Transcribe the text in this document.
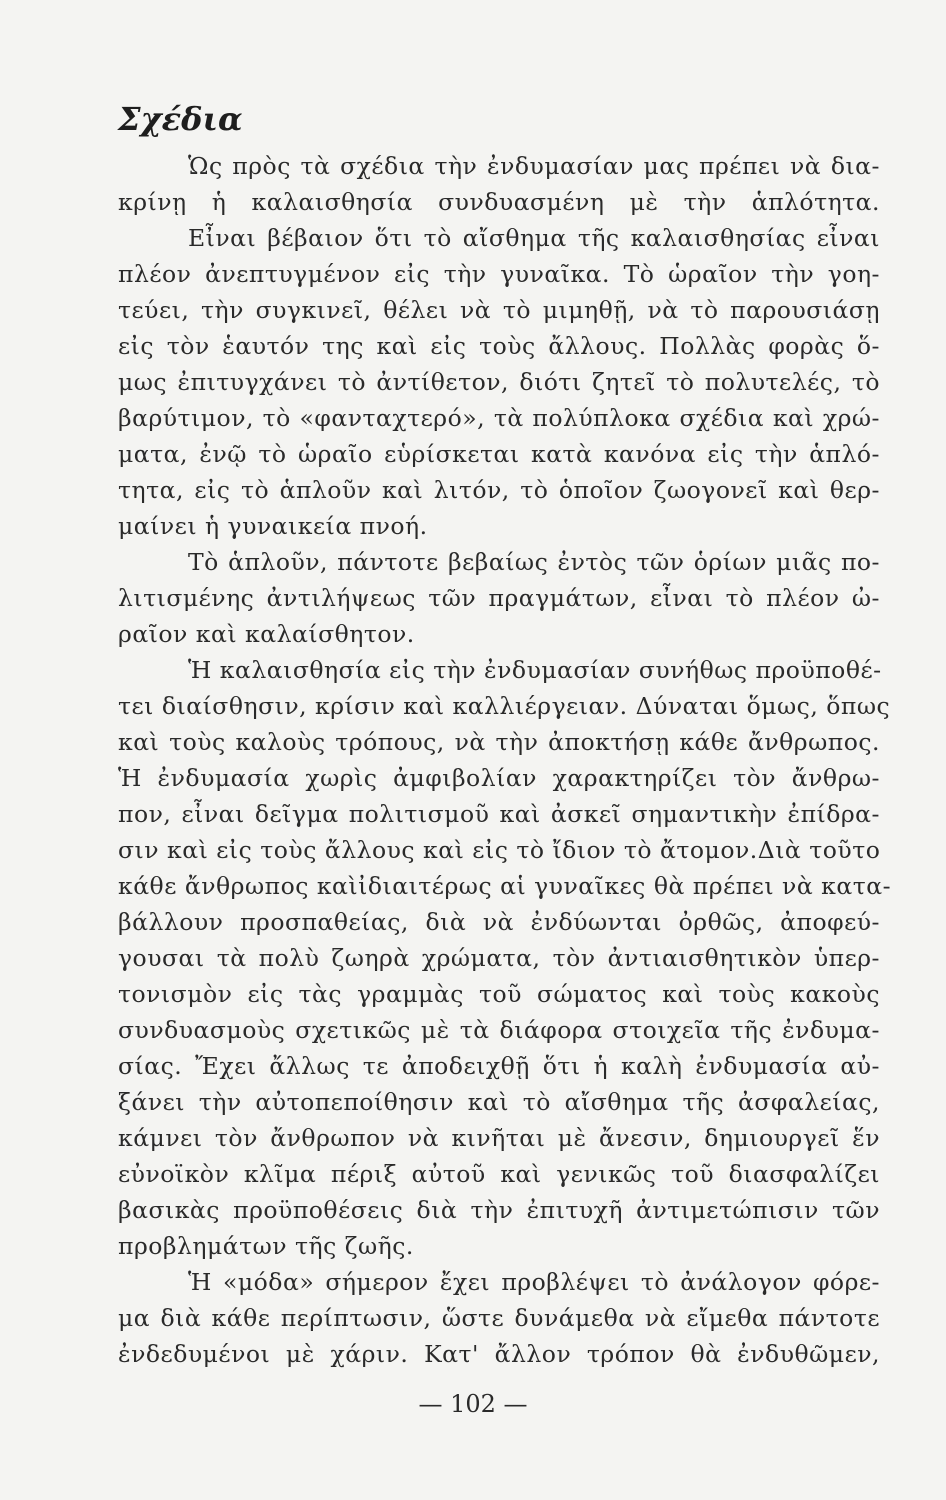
Σχέδια
Ὡς πρὸς τὰ σχέδια τὴν ἐνδυμασίαν μας πρέπει νὰ δια-
κρίνῃ ἡ καλαισθησία συνδυασμένη μὲ τὴν ἁπλότητα.
Εἶναι βέβαιον ὅτι τὸ αἴσθημα τῆς καλαισθησίας εἶναι
πλέον ἀνεπτυγμένον εἰς τὴν γυναῖκα. Τὸ ὡραῖον τὴν γοη-
τεύει, τὴν συγκινεῖ, θέλει νὰ τὸ μιμηθῇ, νὰ τὸ παρουσιάσῃ
εἰς τὸν ἑαυτόν της καὶ εἰς τοὺς ἄλλους. Πολλὰς φορὰς ὅ-
μως ἐπιτυγχάνει τὸ ἀντίθετον, διότι ζητεῖ τὸ πολυτελές, τὸ
βαρύτιμον, τὸ «φανταχτερό», τὰ πολύπλοκα σχέδια καὶ χρώ-
ματα, ἐνῷ τὸ ὡραῖο εὑρίσκεται κατὰ κανόνα εἰς τὴν ἁπλό-
τητα, εἰς τὸ ἁπλοῦν καὶ λιτόν, τὸ ὁποῖον ζωογονεῖ καὶ θερ-
μαίνει ἡ γυναικεία πνοή.
Τὸ ἁπλοῦν, πάντοτε βεβαίως ἐντὸς τῶν ὁρίων μιᾶς πο-
λιτισμένης ἀντιλήψεως τῶν πραγμάτων, εἶναι τὸ πλέον ὠ-
ραῖον καὶ καλαίσθητον.
Ἡ καλαισθησία εἰς τὴν ἐνδυμασίαν συνήθως προϋποθέ-
τει διαίσθησιν, κρίσιν καὶ καλλιέργειαν. Δύναται ὅμως, ὅπως
καὶ τοὺς καλοὺς τρόπους, νὰ τὴν ἀποκτήσῃ κάθε ἄνθρωπος.
Ἡ ἐνδυμασία χωρὶς ἀμφιβολίαν χαρακτηρίζει τὸν ἄνθρω-
πον, εἶναι δεῖγμα πολιτισμοῦ καὶ ἀσκεῖ σημαντικὴν ἐπίδρα-
σιν καὶ εἰς τοὺς ἄλλους καὶ εἰς τὸ ἴδιον τὸ ἄτομον.Διὰ τοῦτο
κάθε ἄνθρωπος καὶἰδιαιτέρως αἱ γυναῖκες θὰ πρέπει νὰ κατα-
βάλλουν προσπαθείας, διὰ νὰ ἐνδύωνται ὀρθῶς, ἀποφεύ-
γουσαι τὰ πολὺ ζωηρὰ χρώματα, τὸν ἀντιαισθητικὸν ὑπερ-
τονισμὸν εἰς τὰς γραμμὰς τοῦ σώματος καὶ τοὺς κακοὺς
συνδυασμοὺς σχετικῶς μὲ τὰ διάφορα στοιχεῖα τῆς ἐνδυμα-
σίας. Ἔχει ἄλλως τε ἀποδειχθῇ ὅτι ἡ καλὴ ἐνδυμασία αὐ-
ξάνει τὴν αὐτοπεποίθησιν καὶ τὸ αἴσθημα τῆς ἀσφαλείας,
κάμνει τὸν ἄνθρωπον νὰ κινῆται μὲ ἄνεσιν, δημιουργεῖ ἕν
εὐνοϊκὸν κλῖμα πέριξ αὐτοῦ καὶ γενικῶς τοῦ διασφαλίζει
βασικὰς προϋποθέσεις διὰ τὴν ἐπιτυχῆ ἀντιμετώπισιν τῶν
προβλημάτων τῆς ζωῆς.
Ἡ «μόδα» σήμερον ἔχει προβλέψει τὸ ἀνάλογον φόρε-
μα διὰ κάθε περίπτωσιν, ὥστε δυνάμεθα νὰ εἴμεθα πάντοτε
ἐνδεδυμένοι μὲ χάριν. Κατ' ἄλλον τρόπον θὰ ἐνδυθῶμεν,
— 102 —
